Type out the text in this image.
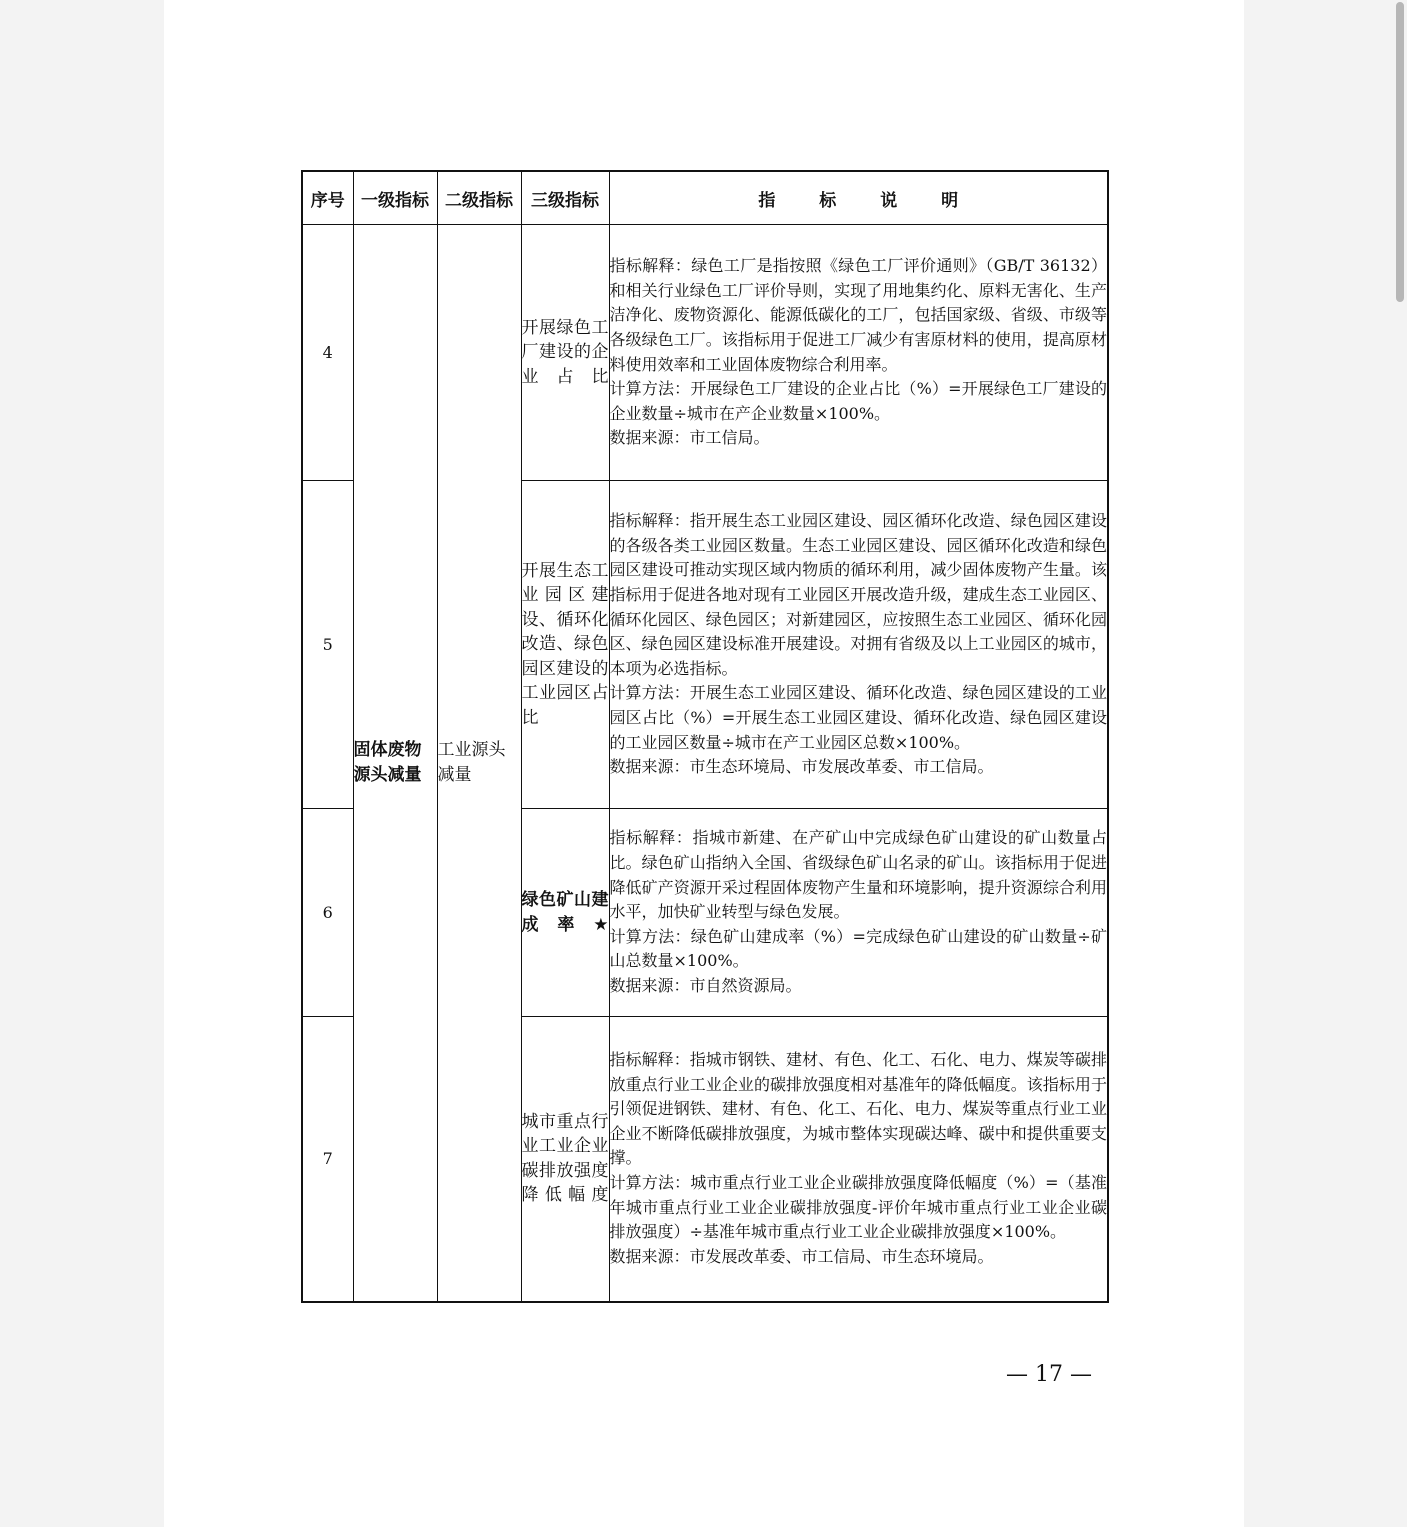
序号	一级指标	二级指标	三级指标	指 标 说 明
4	固体废物源头减量	工业源头减量	开展绿色工厂建设的企业占比	指标解释：绿色工厂是指按照《绿色工厂评价通则》（GB/T 36132）和相关行业绿色工厂评价导则，实现了用地集约化、原料无害化、生产洁净化、废物资源化、能源低碳化的工厂，包括国家级、省级、市级等各级绿色工厂。该指标用于促进工厂减少有害原材料的使用，提高原材料使用效率和工业固体废物综合利用率。

计算方法：开展绿色工厂建设的企业占比（%）=开展绿色工厂建设的企业数量÷城市在产企业数量×100%。

数据来源：市工信局。

5			开展生态工业园区建设、循环化改造、绿色园区建设的工业园区占比	指标解释：指开展生态工业园区建设、园区循环化改造、绿色园区建设的各级各类工业园区数量。生态工业园区建设、园区循环化改造和绿色园区建设可推动实现区域内物质的循环利用，减少固体废物产生量。该指标用于促进各地对现有工业园区开展改造升级，建成生态工业园区、循环化园区、绿色园区；对新建园区，应按照生态工业园区、循环化园区、绿色园区建设标准开展建设。对拥有省级及以上工业园区的城市，本项为必选指标。

计算方法：开展生态工业园区建设、循环化改造、绿色园区建设的工业园区占比（%）=开展生态工业园区建设、循环化改造、绿色园区建设的工业园区数量÷城市在产工业园区总数×100%。

数据来源：市生态环境局、市发展改革委、市工信局。

6			绿色矿山建成率★	指标解释：指城市新建、在产矿山中完成绿色矿山建设的矿山数量占比。绿色矿山指纳入全国、省级绿色矿山名录的矿山。该指标用于促进降低矿产资源开采过程固体废物产生量和环境影响，提升资源综合利用水平，加快矿业转型与绿色发展。

计算方法：绿色矿山建成率（%）=完成绿色矿山建设的矿山数量÷矿山总数量×100%。

数据来源：市自然资源局。

7			城市重点行业工业企业碳排放强度降低幅度	指标解释：指城市钢铁、建材、有色、化工、石化、电力、煤炭等碳排放重点行业工业企业的碳排放强度相对基准年的降低幅度。该指标用于引领促进钢铁、建材、有色、化工、石化、电力、煤炭等重点行业工业企业不断降低碳排放强度，为城市整体实现碳达峰、碳中和提供重要支撑。

计算方法：城市重点行业工业企业碳排放强度降低幅度（%）=（基准年城市重点行业工业企业碳排放强度-评价年城市重点行业工业企业碳排放强度）÷基准年城市重点行业工业企业碳排放强度×100%。

数据来源：市发展改革委、市工信局、市生态环境局。

— 17 —
